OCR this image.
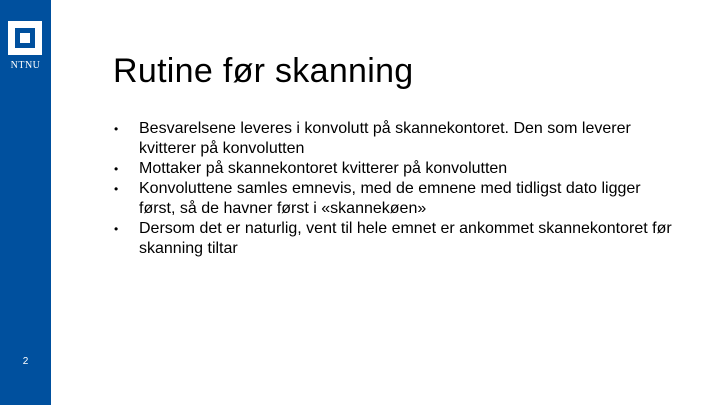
NTNU
2
Rutine før skanning
•	Besvarelsene leveres i konvolutt på skannekontoret. Den som leverer kvitterer på konvolutten
•	Mottaker på skannekontoret kvitterer på konvolutten
•	Konvoluttene samles emnevis, med de emnene med tidligst dato ligger først, så de havner først i «skannekøen»
•	Dersom det er naturlig, vent til hele emnet er ankommet skannekontoret før skanning tiltar
